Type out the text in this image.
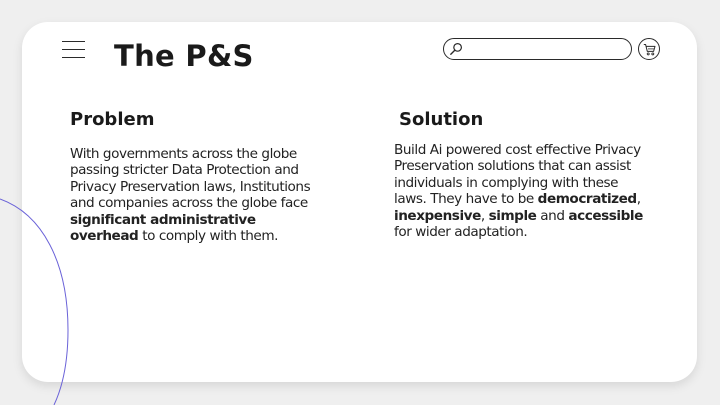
The P&S
Problem

With governments across the globe passing stricter Data Protection and Privacy Preservation laws, Institutions and companies across the globe face significant administrative overhead to comply with them.

Solution

Build Ai powered cost effective Privacy Preservation solutions that can assist individuals in complying with these laws. They have to be democratized, inexpensive, simple and accessible for wider adaptation.
